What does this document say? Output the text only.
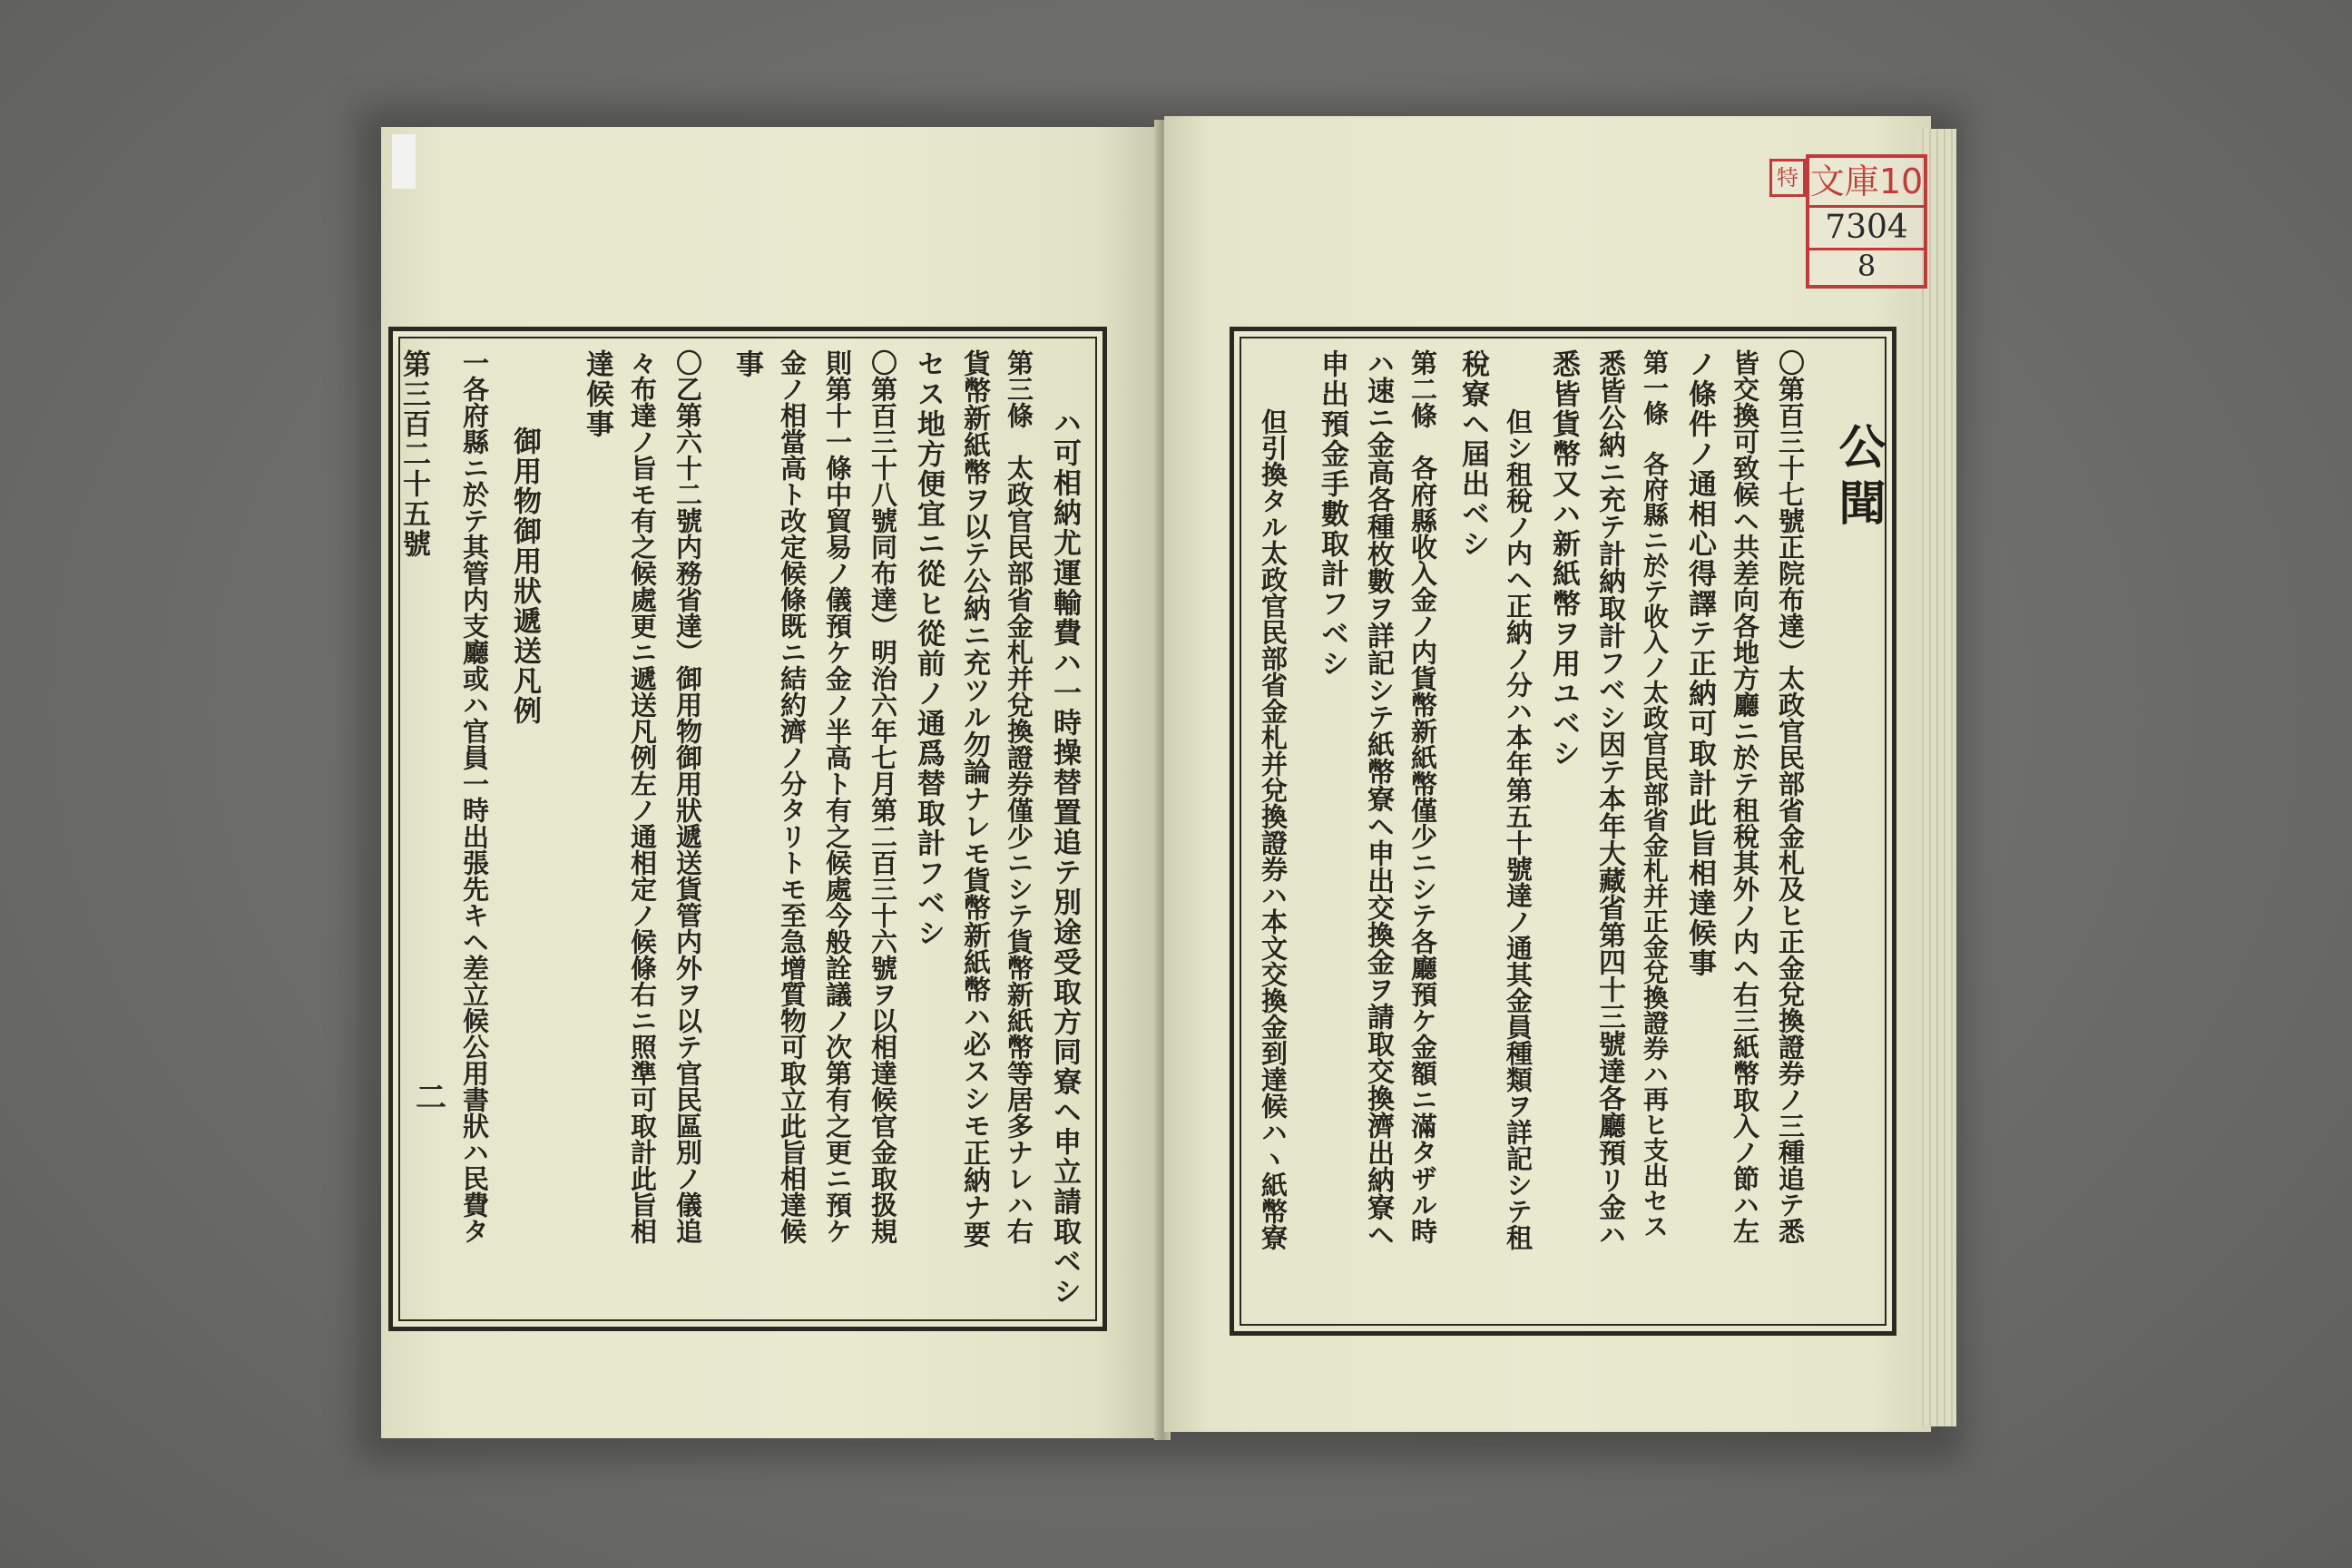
ハ可相納尤運輸費ハ一時操替置追テ別途受取方同寮ヘ申立請取ベシ
第三條　太政官民部省金札并兌換證券僅少ニシテ貨幣新紙幣等居多ナレハ右
貨幣新紙幣ヲ以テ公納ニ充ツル勿論ナレモ貨幣新紙幣ハ必スシモ正納ナ要
セス地方便宜ニ從ヒ從前ノ通爲替取計フベシ
〇第百三十八號同布達）明治六年七月第二百三十六號ヲ以相達候官金取扱規
則第十一條中貿易ノ儀預ケ金ノ半高ト有之候處今般詮議ノ次第有之更ニ預ケ
金ノ相當高ト改定候條既ニ結約濟ノ分タリトモ至急增質物可取立此旨相達候
事
〇乙第六十二號内務省達）御用物御用狀遞送貨管内外ヲ以テ官民區別ノ儀追
々布達ノ旨モ有之候處更ニ遞送凡例左ノ通相定ノ候條右ニ照準可取計此旨相
達候事
御用物御用狀遞送凡例
一各府縣ニ於テ其管内支廳或ハ官員一時出張先キヘ差立候公用書狀ハ民費タ
第三百二十五號
二
公聞
〇第百三十七號正院布達）太政官民部省金札及ヒ正金兌換證券ノ三種追テ悉
皆交換可致候ヘ共差向各地方廳ニ於テ租稅其外ノ内ヘ右三紙幣取入ノ節ハ左
ノ條件ノ通相心得譯テ正納可取計此旨相達候事
第一條　各府縣ニ於テ收入ノ太政官民部省金札并正金兌換證券ハ再ヒ支出セス
悉皆公納ニ充テ計納取計フベシ因テ本年大藏省第四十三號達各廳預リ金ハ
悉皆貨幣又ハ新紙幣ヲ用ユベシ
但シ租稅ノ内ヘ正納ノ分ハ本年第五十號達ノ通其金員種類ヲ詳記シテ租
稅寮ヘ屆出ベシ
第二條　各府縣收入金ノ内貨幣新紙幣僅少ニシテ各廳預ケ金額ニ滿タザル時
ハ速ニ金高各種枚數ヲ詳記シテ紙幣寮ヘ申出交換金ヲ請取交換濟出納寮ヘ
申出預金手數取計フベシ
但引換タル太政官民部省金札并兌換證券ハ本文交換金到達候ハヽ紙幣寮
特 文庫10
7304
8
